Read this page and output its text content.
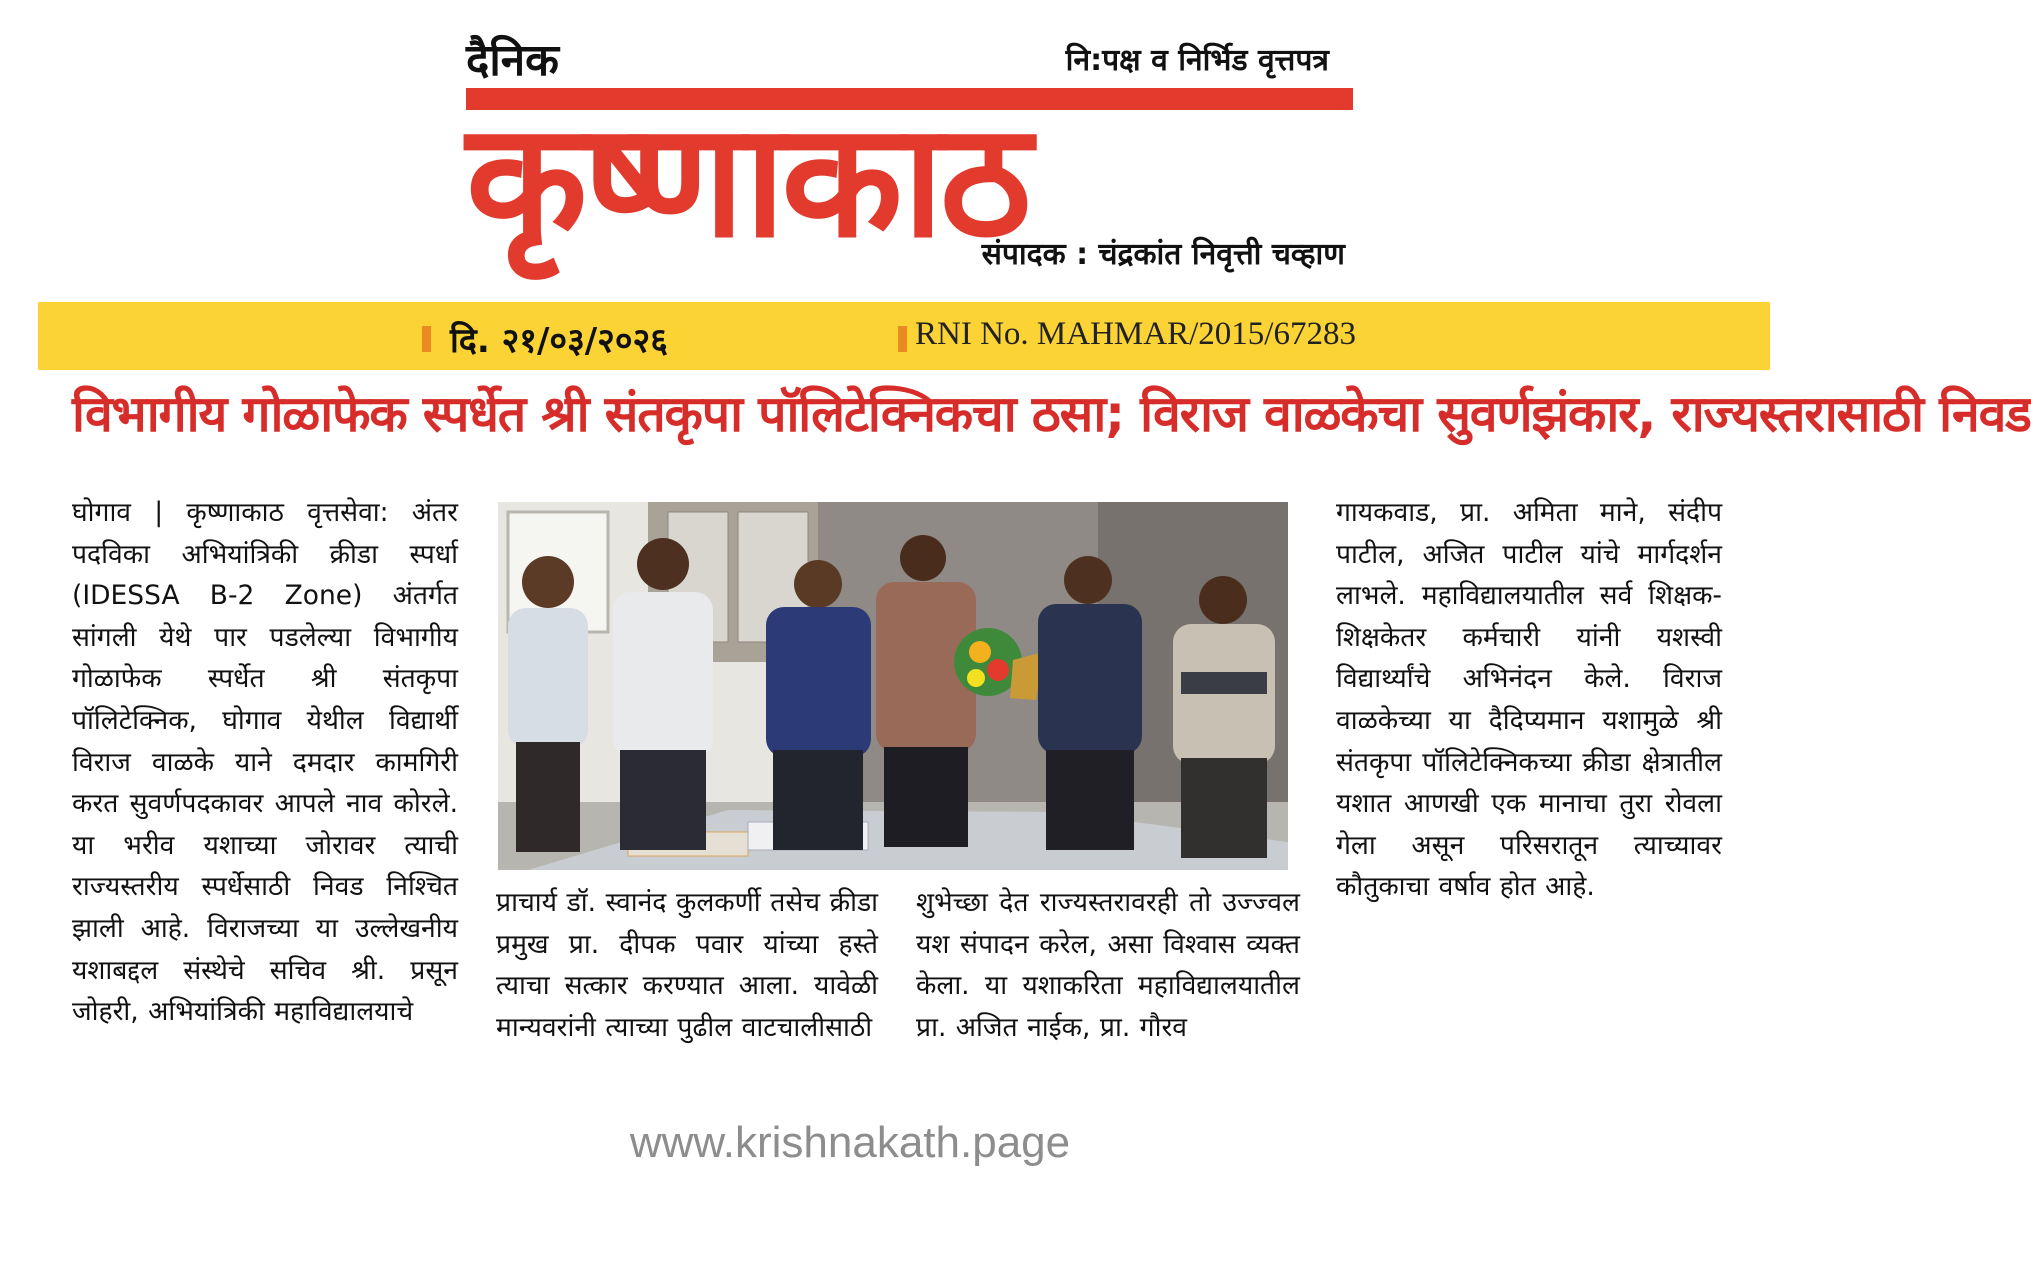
दैनिक	नि:पक्ष व निर्भिड वृत्तपत्र
कृष्णाकाठ
संपादक : चंद्रकांत निवृत्ती चव्हाण
दि. २१/०३/२०२६	RNI No. MAHMAR/2015/67283
विभागीय गोळाफेक स्पर्धेत श्री संतकृपा पॉलिटेक्निकचा ठसा; विराज वाळकेचा सुवर्णझंकार, राज्यस्तरासाठी निवड
घोगाव | कृष्णाकाठ वृत्तसेवा: अंतर पदविका अभियांत्रिकी क्रीडा स्पर्धा (IDESSA B-2 Zone) अंतर्गत सांगली येथे पार पडलेल्या विभागीय गोळाफेक स्पर्धेत श्री संतकृपा पॉलिटेक्निक, घोगाव येथील विद्यार्थी विराज वाळके याने दमदार कामगिरी करत सुवर्णपदकावर आपले नाव कोरले. या भरीव यशाच्या जोरावर त्याची राज्यस्तरीय स्पर्धेसाठी निवड निश्चित झाली आहे. विराजच्या या उल्लेखनीय यशाबद्दल संस्थेचे सचिव श्री. प्रसून जोहरी, अभियांत्रिकी महाविद्यालयाचे
प्राचार्य डॉ. स्वानंद कुलकर्णी तसेच क्रीडा प्रमुख प्रा. दीपक पवार यांच्या हस्ते त्याचा सत्कार करण्यात आला. यावेळी मान्यवरांनी त्याच्या पुढील वाटचालीसाठी
शुभेच्छा देत राज्यस्तरावरही तो उज्ज्वल यश संपादन करेल, असा विश्वास व्यक्त केला. या यशाकरिता महाविद्यालयातील प्रा. अजित नाईक, प्रा. गौरव
गायकवाड, प्रा. अमिता माने, संदीप पाटील, अजित पाटील यांचे मार्गदर्शन लाभले. महाविद्यालयातील सर्व शिक्षक- शिक्षकेतर कर्मचारी यांनी यशस्वी विद्यार्थ्यांचे अभिनंदन केले. विराज वाळकेच्या या दैदिप्यमान यशामुळे श्री संतकृपा पॉलिटेक्निकच्या क्रीडा क्षेत्रातील यशात आणखी एक मानाचा तुरा रोवला गेला असून परिसरातून त्याच्यावर कौतुकाचा वर्षाव होत आहे.
www.krishnakath.page
